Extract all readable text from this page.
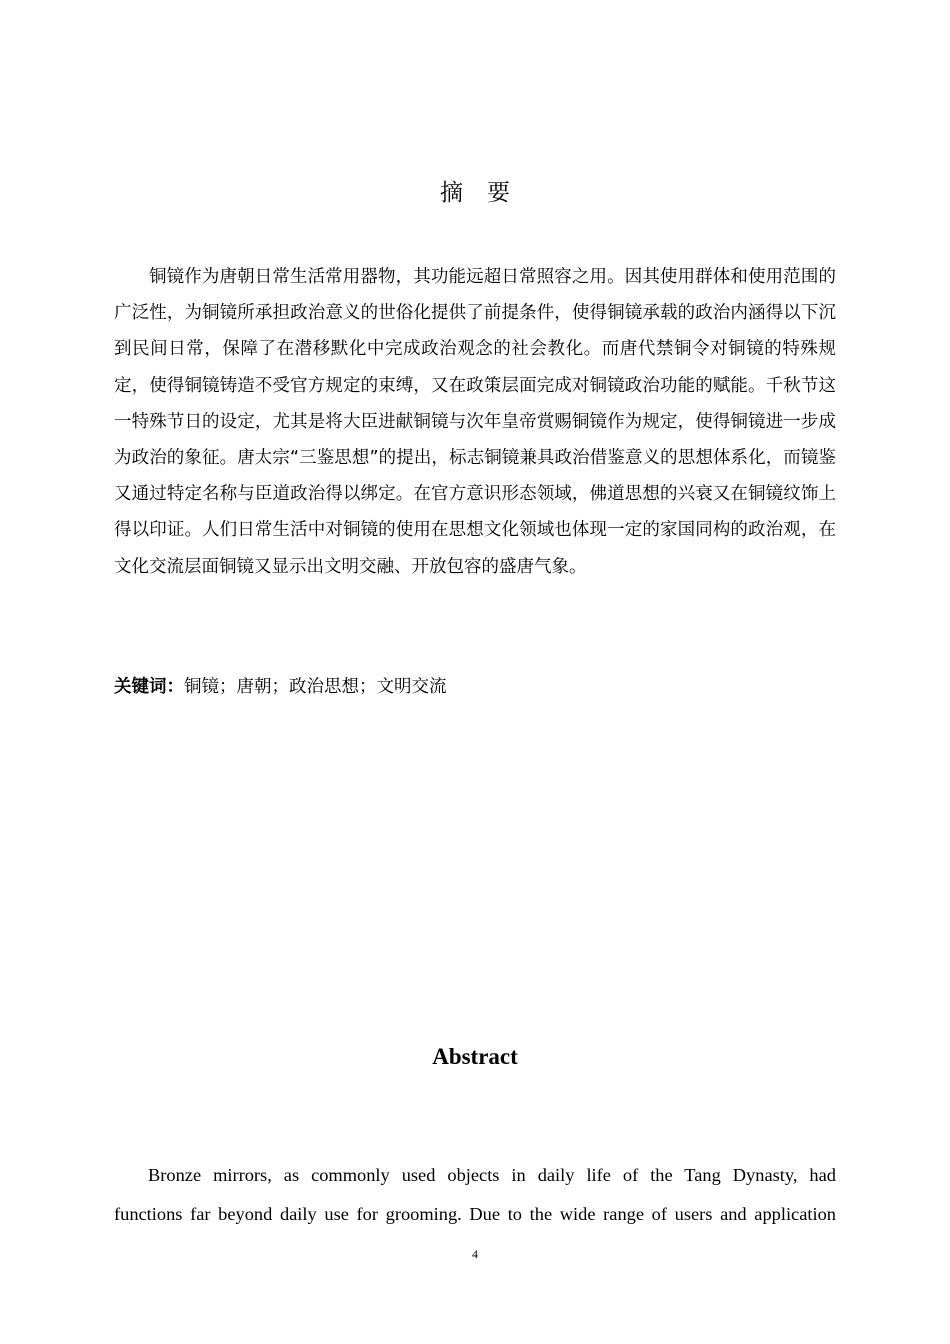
摘 要

铜镜作为唐朝日常生活常用器物，其功能远超日常照容之用。因其使用群体和使用范围的广泛性，为铜镜所承担政治意义的世俗化提供了前提条件，使得铜镜承载的政治内涵得以下沉到民间日常，保障了在潜移默化中完成政治观念的社会教化。而唐代禁铜令对铜镜的特殊规定，使得铜镜铸造不受官方规定的束缚，又在政策层面完成对铜镜政治功能的赋能。千秋节这一特殊节日的设定，尤其是将大臣进献铜镜与次年皇帝赏赐铜镜作为规定，使得铜镜进一步成为政治的象征。唐太宗“三鉴思想”的提出，标志铜镜兼具政治借鉴意义的思想体系化，而镜鉴又通过特定名称与臣道政治得以绑定。在官方意识形态领域，佛道思想的兴衰又在铜镜纹饰上得以印证。人们日常生活中对铜镜的使用在思想文化领域也体现一定的家国同构的政治观，在文化交流层面铜镜又显示出文明交融、开放包容的盛唐气象。

关键词：铜镜；唐朝；政治思想；文明交流

Abstract
Bronze mirrors, as commonly used objects in daily life of the Tang Dynasty, had
functions far beyond daily use for grooming. Due to the wide range of users and application
4
